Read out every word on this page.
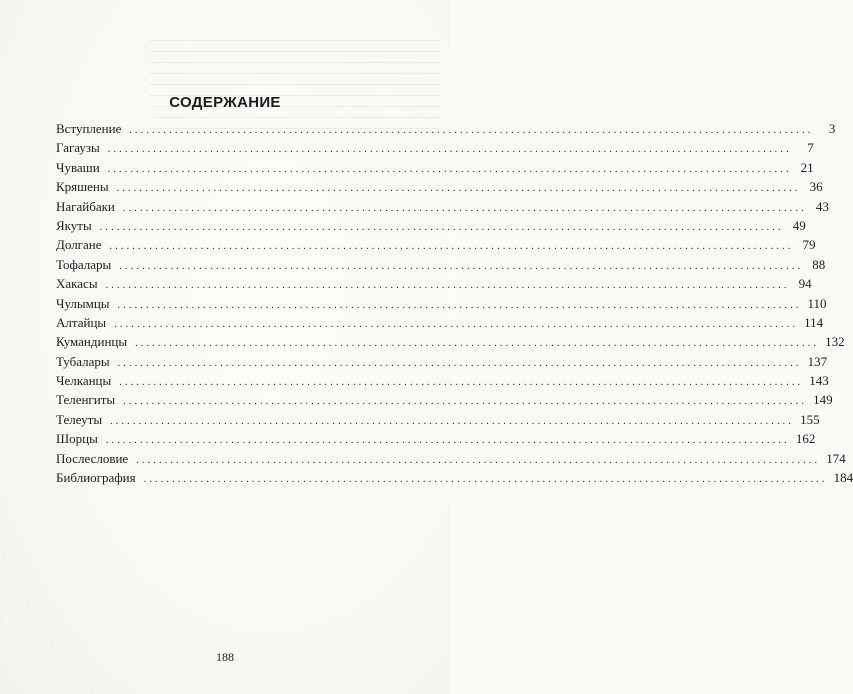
СОДЕРЖАНИЕ
Вступление ........................................................................................................................	3
Гагаузы ........................................................................................................................	7
Чуваши ........................................................................................................................ 21
Кряшены ........................................................................................................................ 36
Нагайбаки ........................................................................................................................ 43
Якуты ........................................................................................................................ 49
Долгане ........................................................................................................................ 79
Тофалары ........................................................................................................................ 88
Хакасы ........................................................................................................................ 94
Чулымцы ........................................................................................................................ 110
Алтайцы ........................................................................................................................ 114
Кумандинцы ........................................................................................................................ 132
Тубалары ........................................................................................................................ 137
Челканцы ........................................................................................................................ 143
Теленгиты ........................................................................................................................ 149
Телеуты ........................................................................................................................ 155
Шорцы ........................................................................................................................ 162
Послесловие ........................................................................................................................ 174
Библиография ........................................................................................................................ 184
188
